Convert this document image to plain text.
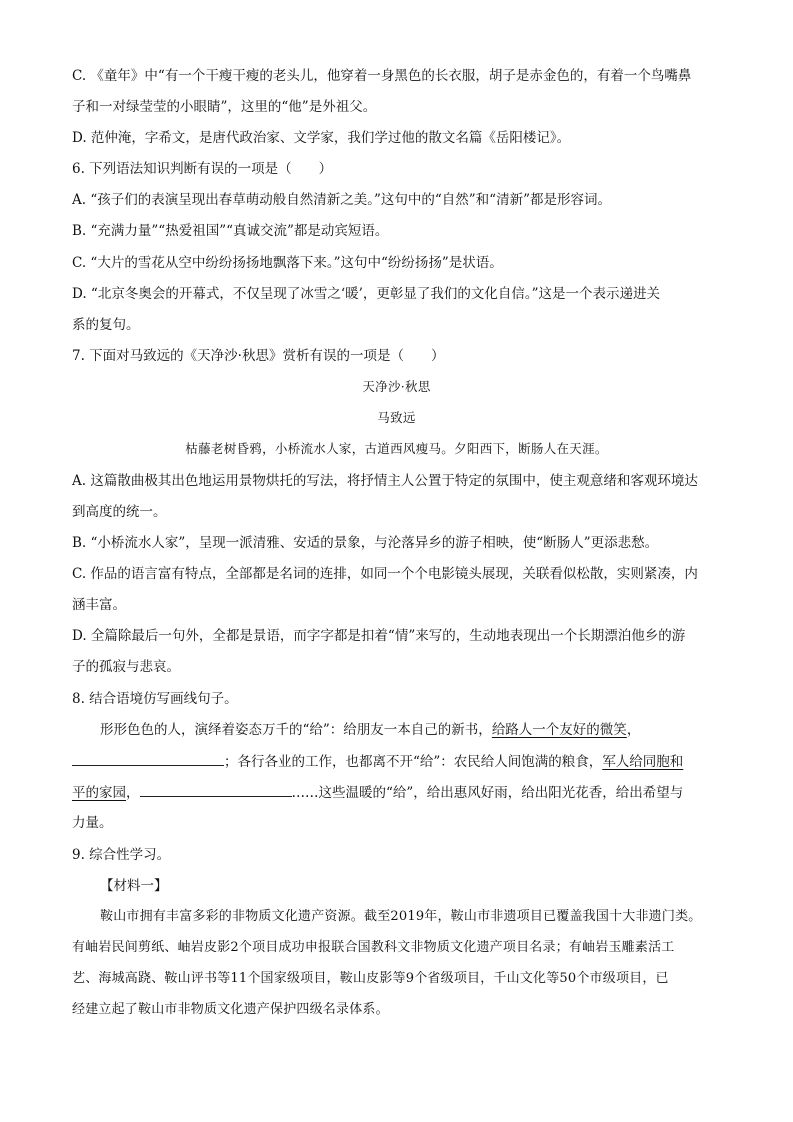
C. 《童年》中“有一个干瘦干瘦的老头儿，他穿着一身黑色的长衣服，胡子是赤金色的，有着一个鸟嘴鼻
子和一对绿莹莹的小眼睛”，这里的“他”是外祖父。
D. 范仲淹，字希文，是唐代政治家、文学家，我们学过他的散文名篇《岳阳楼记》。
6. 下列语法知识判断有误的一项是（　　）
A. “孩子们的表演呈现出春草萌动般自然清新之美。”这句中的“自然”和“清新”都是形容词。
B. “充满力量”“热爱祖国”“真诚交流”都是动宾短语。
C. “大片的雪花从空中纷纷扬扬地飘落下来。”这句中“纷纷扬扬”是状语。
D. “北京冬奥会的开幕式，不仅呈现了冰雪之‘暖’，更彰显了我们的文化自信。”这是一个表示递进关
系的复句。
7. 下面对马致远的《天净沙·秋思》赏析有误的一项是（　　）
天净沙·秋思
马致远
枯藤老树昏鸦，小桥流水人家，古道西风瘦马。夕阳西下，断肠人在天涯。
A. 这篇散曲极其出色地运用景物烘托的写法，将抒情主人公置于特定的氛围中，使主观意绪和客观环境达
到高度的统一。
B. “小桥流水人家”，呈现一派清雅、安适的景象，与沦落异乡的游子相映，使“断肠人”更添悲愁。
C. 作品的语言富有特点，全部都是名词的连排，如同一个个电影镜头展现，关联看似松散，实则紧凑，内
涵丰富。
D. 全篇除最后一句外，全都是景语，而字字都是扣着“情”来写的，生动地表现出一个长期漂泊他乡的游
子的孤寂与悲哀。
8. 结合语境仿写画线句子。
形形色色的人，演绎着姿态万千的“给”：给朋友一本自己的新书，给路人一个友好的微笑，
；各行各业的工作，也都离不开“给”：农民给人间饱满的粮食，军人给同胞和
平的家园，	……这些温暖的“给”，给出惠风好雨，给出阳光花香，给出希望与
力量。
9. 综合性学习。
【材料一】
鞍山市拥有丰富多彩的非物质文化遗产资源。截至2019年，鞍山市非遗项目已覆盖我国十大非遗门类。
有岫岩民间剪纸、岫岩皮影2个项目成功申报联合国教科文非物质文化遗产项目名录；有岫岩玉雕素活工
艺、海城高跷、鞍山评书等11个国家级项目，鞍山皮影等9个省级项目，千山文化等50个市级项目，已
经建立起了鞍山市非物质文化遗产保护四级名录体系。
